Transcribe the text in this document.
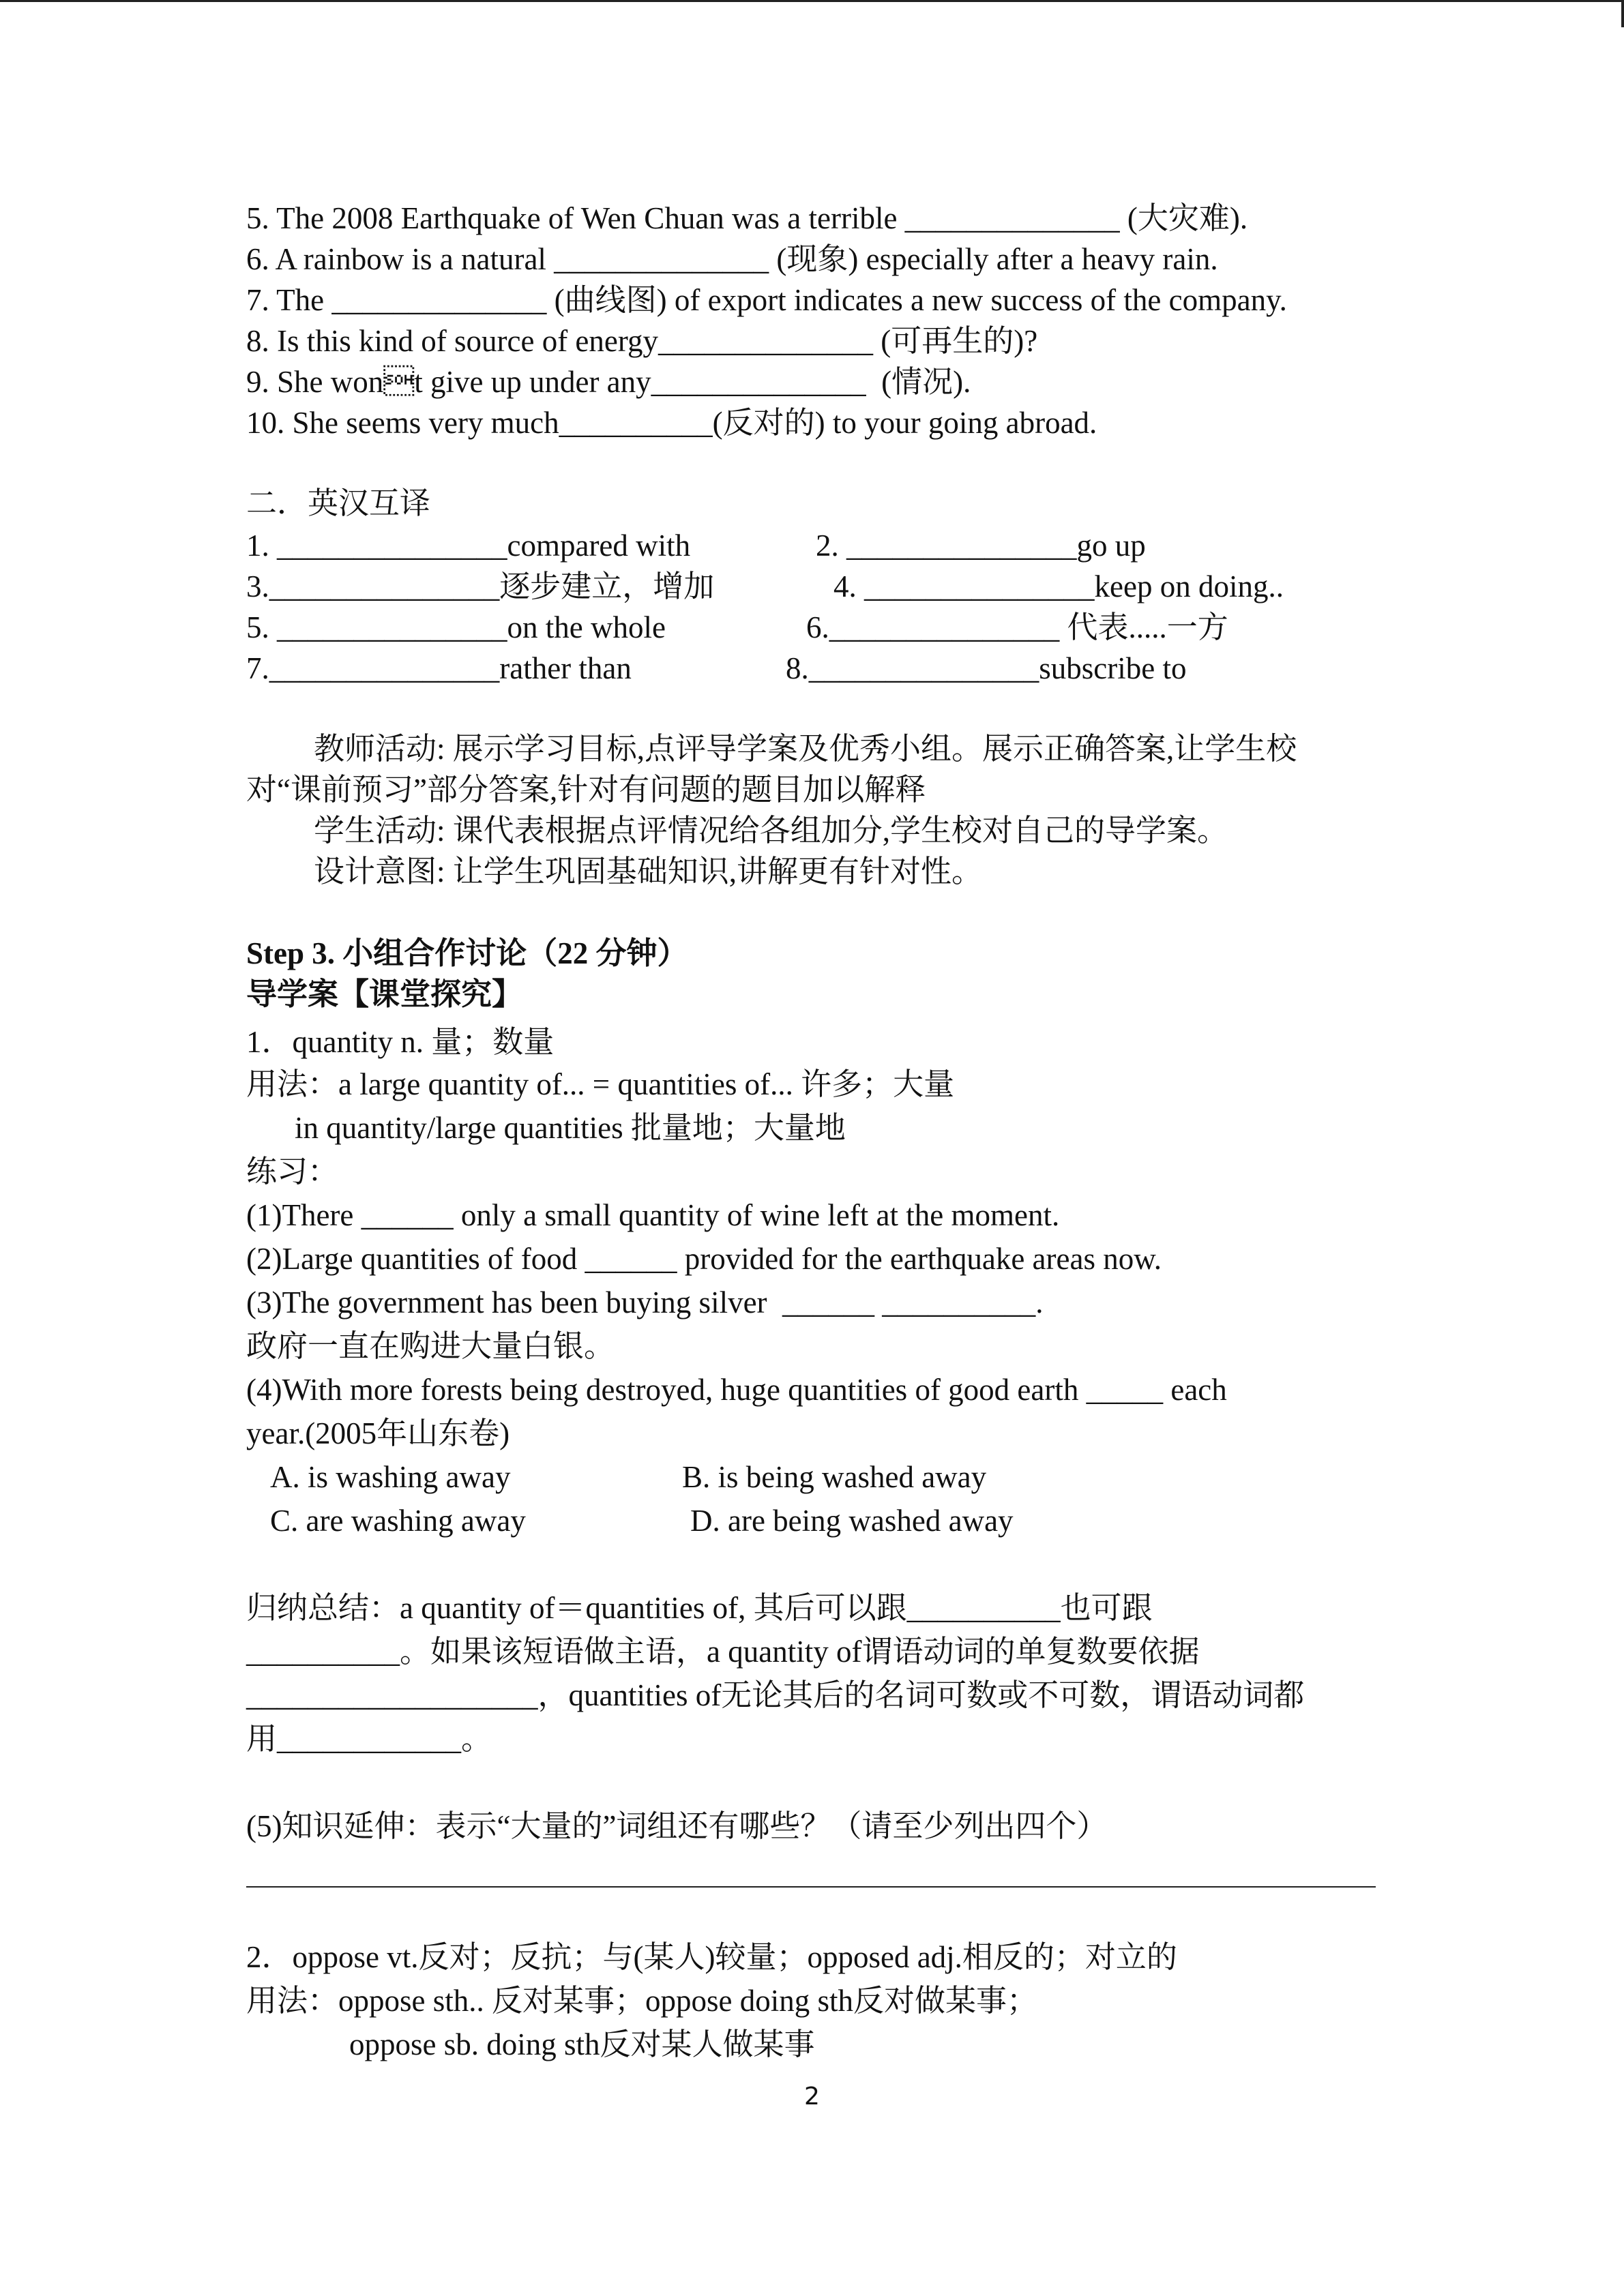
5. The 2008 Earthquake of Wen Chuan was a terrible ______________ (大灾难).
6. A rainbow is a natural ______________ (现象) especially after a heavy rain.
7. The ______________ (曲线图) of export indicates a new success of the company.
8. Is this kind of source of energy______________ (可再生的)?
9. She wont give up under any______________  (情况).
10. She seems very much__________(反对的) to your going abroad.
二．英汉互译
1. _______________compared with	2. _______________go up
3._______________逐步建立，增加	4. _______________keep on doing..
5. _______________on the whole	6._______________ 代表.....一方
7._______________rather than	8._______________subscribe to
教师活动: 展示学习目标,点评导学案及优秀小组。展示正确答案,让学生校
对“课前预习”部分答案,针对有问题的题目加以解释
学生活动: 课代表根据点评情况给各组加分,学生校对自己的导学案。
设计意图: 让学生巩固基础知识,讲解更有针对性。
Step 3. 小组合作讨论（22 分钟）
导学案【课堂探究】
1．quantity n. 量；数量
用法：a large quantity of... = quantities of... 许多；大量
in quantity/large quantities 批量地；大量地
练习：
(1)There ______ only a small quantity of wine left at the moment.
(2)Large quantities of food ______ provided for the earthquake areas now.
(3)The government has been buying silver  ______ __________.
政府一直在购进大量白银。
(4)With more forests being destroyed, huge quantities of good earth _____ each
year.(2005年山东卷)
A. is washing away	B. is being washed away
C. are washing away	D. are being washed away
归纳总结：a quantity of＝quantities of, 其后可以跟__________也可跟
__________。如果该短语做主语，a quantity of谓语动词的单复数要依据
___________________，quantities of无论其后的名词可数或不可数，谓语动词都
用____________。
(5)知识延伸：表示“大量的”词组还有哪些？（请至少列出四个）
2．oppose vt.反对；反抗；与(某人)较量；opposed adj.相反的；对立的
用法：oppose sth.. 反对某事；oppose doing sth反对做某事；
oppose sb. doing sth反对某人做某事
2
